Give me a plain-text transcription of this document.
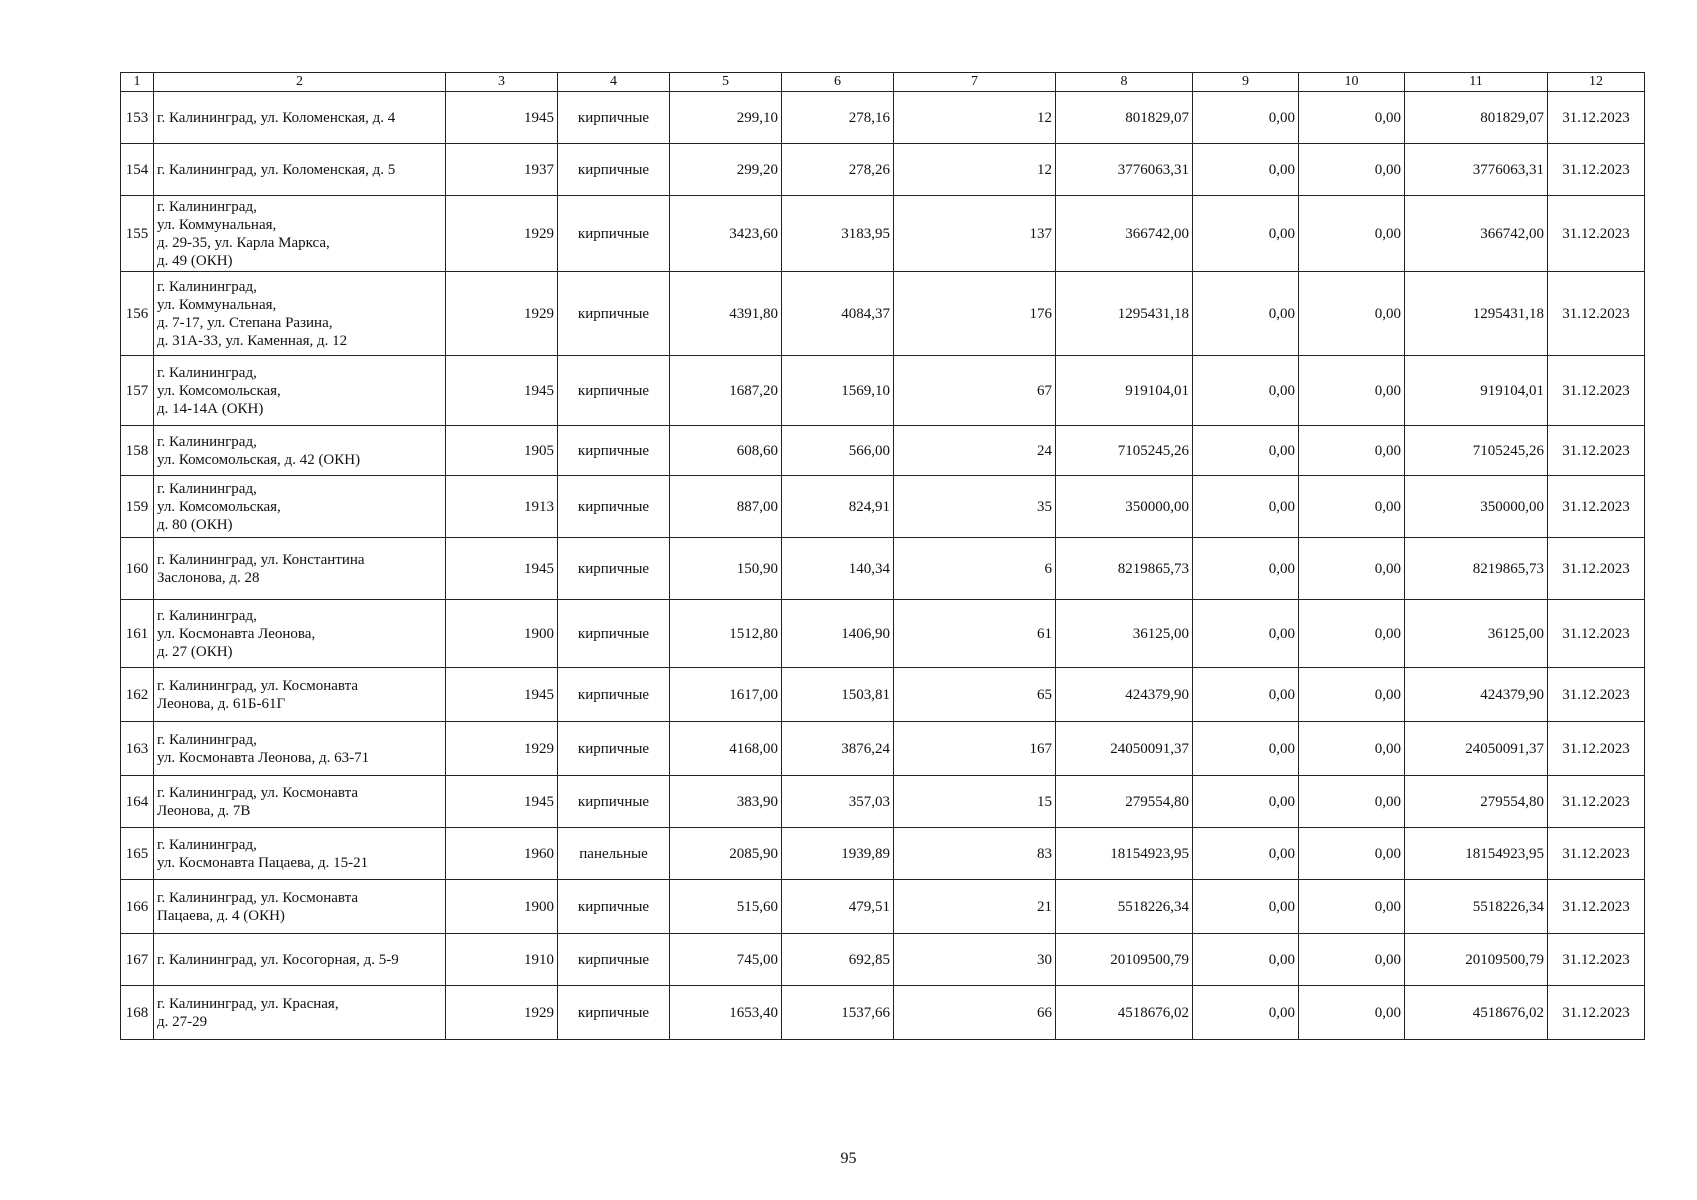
1	2	3	4	5	6	7	8	9	10	11	12
153	г. Калининград, ул. Коломенская, д. 4	1945	кирпичные	299,10	278,16	12	801829,07	0,00	0,00	801829,07	31.12.2023
154	г. Калининград, ул. Коломенская, д. 5	1937	кирпичные	299,20	278,26	12	3776063,31	0,00	0,00	3776063,31	31.12.2023
155	г. Калининград,
ул. Коммунальная,
д. 29-35, ул. Карла Маркса,
д. 49 (ОКН)	1929	кирпичные	3423,60	3183,95	137	366742,00	0,00	0,00	366742,00	31.12.2023
156	г. Калининград,
ул. Коммунальная,
д. 7-17, ул. Степана Разина,
д. 31А-33, ул. Каменная, д. 12	1929	кирпичные	4391,80	4084,37	176	1295431,18	0,00	0,00	1295431,18	31.12.2023
157	г. Калининград,
ул. Комсомольская,
д. 14-14А (ОКН)	1945	кирпичные	1687,20	1569,10	67	919104,01	0,00	0,00	919104,01	31.12.2023
158	г. Калининград,
ул. Комсомольская, д. 42 (ОКН)	1905	кирпичные	608,60	566,00	24	7105245,26	0,00	0,00	7105245,26	31.12.2023
159	г. Калининград,
ул. Комсомольская,
д. 80 (ОКН)	1913	кирпичные	887,00	824,91	35	350000,00	0,00	0,00	350000,00	31.12.2023
160	г. Калининград, ул. Константина
Заслонова, д. 28	1945	кирпичные	150,90	140,34	6	8219865,73	0,00	0,00	8219865,73	31.12.2023
161	г. Калининград,
ул. Космонавта Леонова,
д. 27 (ОКН)	1900	кирпичные	1512,80	1406,90	61	36125,00	0,00	0,00	36125,00	31.12.2023
162	г. Калининград, ул. Космонавта
Леонова, д. 61Б-61Г	1945	кирпичные	1617,00	1503,81	65	424379,90	0,00	0,00	424379,90	31.12.2023
163	г. Калининград,
ул. Космонавта Леонова, д. 63-71	1929	кирпичные	4168,00	3876,24	167	24050091,37	0,00	0,00	24050091,37	31.12.2023
164	г. Калининград, ул. Космонавта
Леонова, д. 7В	1945	кирпичные	383,90	357,03	15	279554,80	0,00	0,00	279554,80	31.12.2023
165	г. Калининград,
ул. Космонавта Пацаева, д. 15-21	1960	панельные	2085,90	1939,89	83	18154923,95	0,00	0,00	18154923,95	31.12.2023
166	г. Калининград, ул. Космонавта
Пацаева, д. 4 (ОКН)	1900	кирпичные	515,60	479,51	21	5518226,34	0,00	0,00	5518226,34	31.12.2023
167	г. Калининград, ул. Косогорная, д. 5-9	1910	кирпичные	745,00	692,85	30	20109500,79	0,00	0,00	20109500,79	31.12.2023
168	г. Калининград, ул. Красная,
д. 27-29	1929	кирпичные	1653,40	1537,66	66	4518676,02	0,00	0,00	4518676,02	31.12.2023
95
